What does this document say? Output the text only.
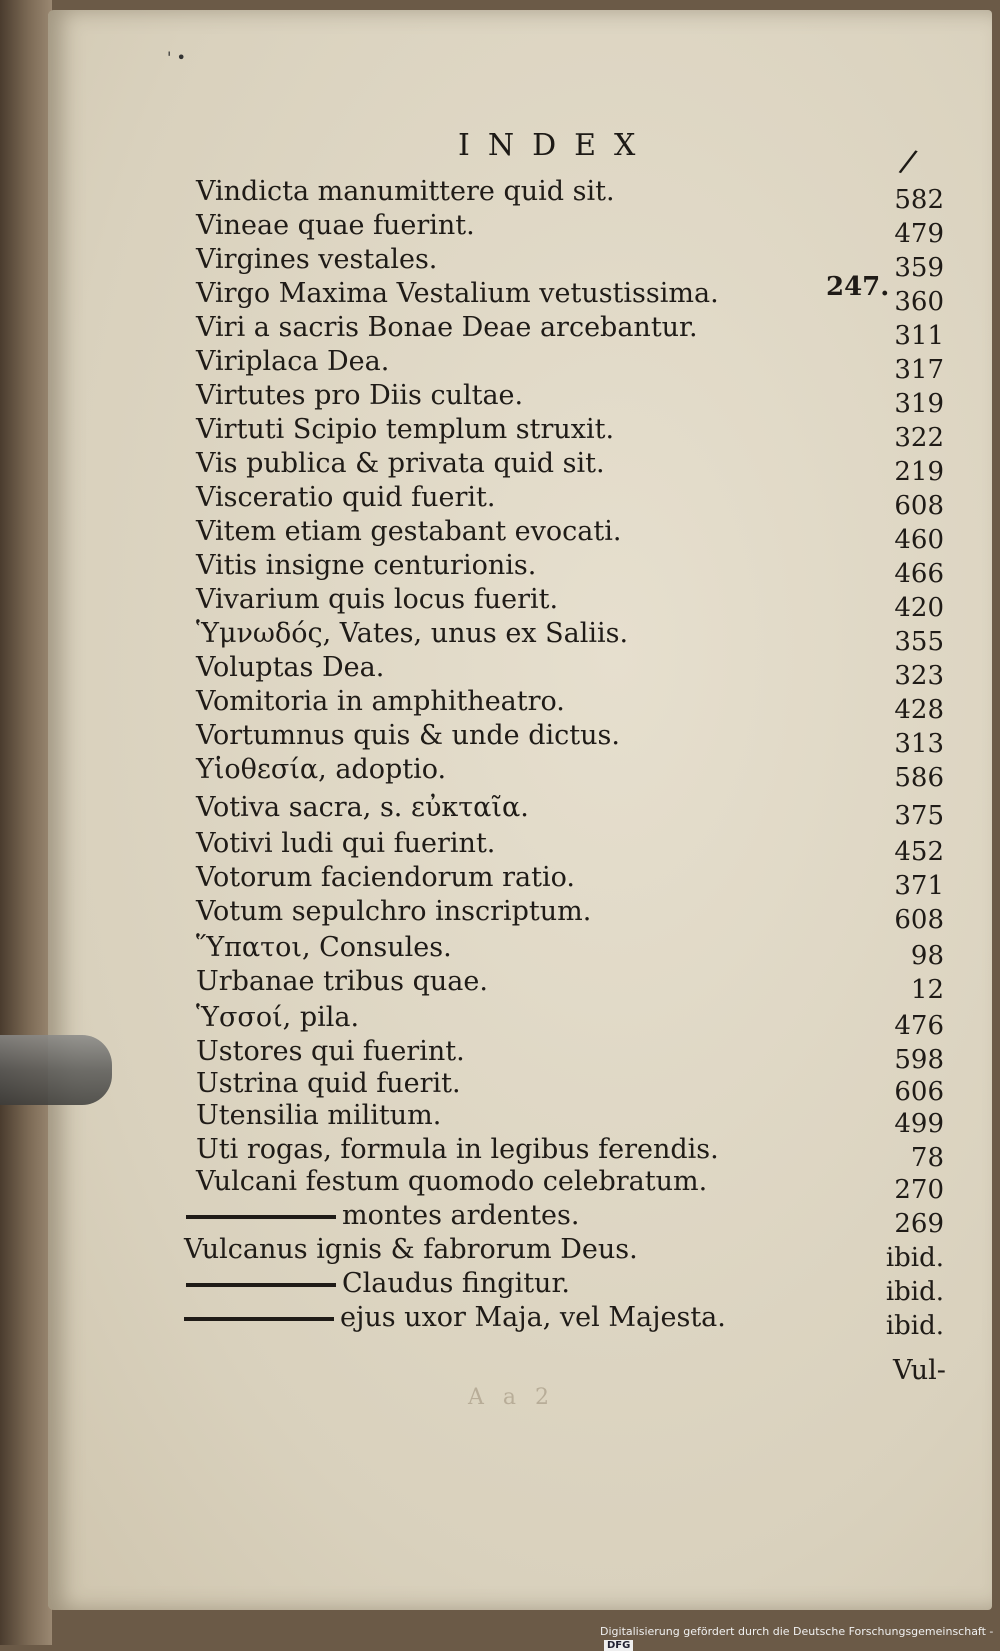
' •
INDEX	/
247.
Vindicta manumittere quid sit.	582
Vineae quae fuerint.	479
Virgines vestales.	359
Virgo Maxima Vestalium vetustissima.	360
Viri a sacris Bonae Deae arcebantur.	311
Viriplaca Dea.	317
Virtutes pro Diis cultae.	319
Virtuti Scipio templum struxit.	322
Vis publica & privata quid sit.	219
Visceratio quid fuerit.	608
Vitem etiam gestabant evocati.	460
Vitis insigne centurionis.	466
Vivarium quis locus fuerit.	420
Ὑμνωδός, Vates, unus ex Saliis.	355
Voluptas Dea.	323
Vomitoria in amphitheatro.	428
Vortumnus quis & unde dictus.	313
Υἱοθεσία, adoptio.	586
Votiva sacra, s. εὐκταῖα.	375
Votivi ludi qui fuerint.	452
Votorum faciendorum ratio.	371
Votum sepulchro inscriptum.	608
Ὕπατοι, Consules.	98
Urbanae tribus quae.	12
Ὑσσοί, pila.	476
Ustores qui fuerint.	598
Ustrina quid fuerit.	606
Utensilia militum.	499
Uti rogas, formula in legibus ferendis.	78
Vulcani festum quomodo celebratum.	270
montes ardentes.	269
Vulcanus ignis & fabrorum Deus.	ibid.
Claudus fingitur.	ibid.
ejus uxor Maja, vel Majesta.	ibid.
Vul-
A a 2
Digitalisierung gefördert durch die Deutsche Forschungsgemeinschaft -DFG
